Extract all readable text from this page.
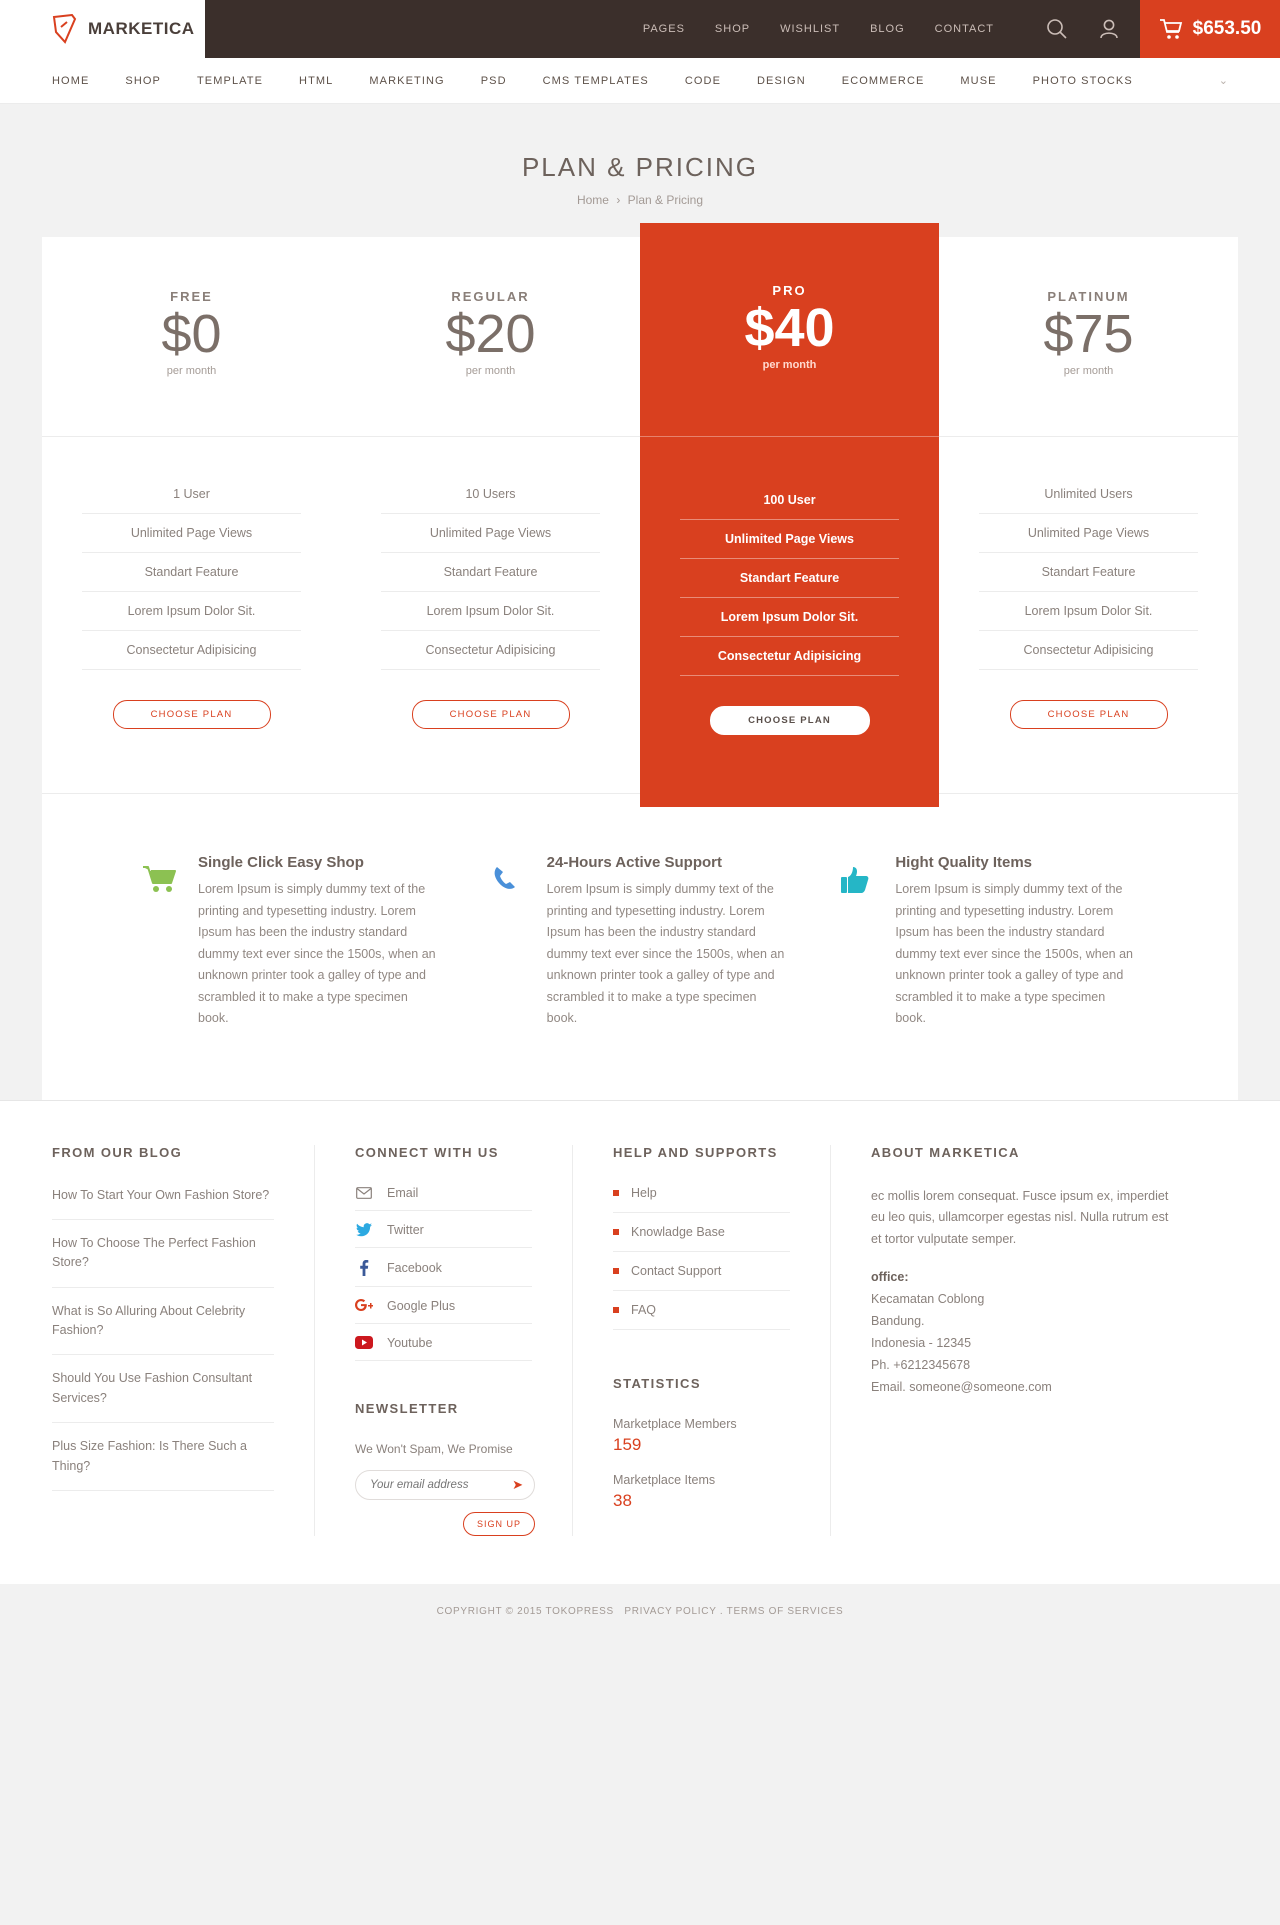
MARKETICA	PAGES	SHOP	WISHLIST	BLOG	CONTACT	$653.50
HOME	SHOP	TEMPLATE	HTML	MARKETING	PSD	CMS TEMPLATES	CODE	DESIGN	ECOMMERCE	MUSE	PHOTO STOCKS	⌄
PLAN & PRICING
Home › Plan & Pricing
FREE
$0
per month
1 User
Unlimited Page Views
Standart Feature
Lorem Ipsum Dolor Sit.
Consectetur Adipisicing
CHOOSE PLAN
REGULAR
$20
per month
10 Users
Unlimited Page Views
Standart Feature
Lorem Ipsum Dolor Sit.
Consectetur Adipisicing
CHOOSE PLAN
PRO
$40
per month
100 User
Unlimited Page Views
Standart Feature
Lorem Ipsum Dolor Sit.
Consectetur Adipisicing
CHOOSE PLAN
PLATINUM
$75
per month
Unlimited Users
Unlimited Page Views
Standart Feature
Lorem Ipsum Dolor Sit.
Consectetur Adipisicing
CHOOSE PLAN
Single Click Easy Shop

Lorem Ipsum is simply dummy text of the printing and typesetting industry. Lorem Ipsum has been the industry standard dummy text ever since the 1500s, when an unknown printer took a galley of type and scrambled it to make a type specimen book.

24-Hours Active Support

Lorem Ipsum is simply dummy text of the printing and typesetting industry. Lorem Ipsum has been the industry standard dummy text ever since the 1500s, when an unknown printer took a galley of type and scrambled it to make a type specimen book.

Hight Quality Items

Lorem Ipsum is simply dummy text of the printing and typesetting industry. Lorem Ipsum has been the industry standard dummy text ever since the 1500s, when an unknown printer took a galley of type and scrambled it to make a type specimen book.

FROM OUR BLOG
How To Start Your Own Fashion Store?
How To Choose The Perfect Fashion Store?
What is So Alluring About Celebrity Fashion?
Should You Use Fashion Consultant Services?
Plus Size Fashion: Is There Such a Thing?
CONNECT WITH US
Email
Twitter
Facebook
Google Plus
Youtube
NEWSLETTER

We Won't Spam, We Promise

Your email address
➤
SIGN UP
HELP AND SUPPORTS
Help
Knowladge Base
Contact Support
FAQ
STATISTICS

Marketplace Members

159

Marketplace Items

38

ABOUT MARKETICA

ec mollis lorem consequat. Fusce ipsum ex, imperdiet eu leo quis, ullamcorper egestas nisl. Nulla rutrum est et tortor vulputate semper.

office:
Kecamatan Coblong
Bandung.
Indonesia - 12345
Ph. +6212345678
Email. someone@someone.com
COPYRIGHT © 2015 TOKOPRESS PRIVACY POLICY . TERMS OF SERVICES
